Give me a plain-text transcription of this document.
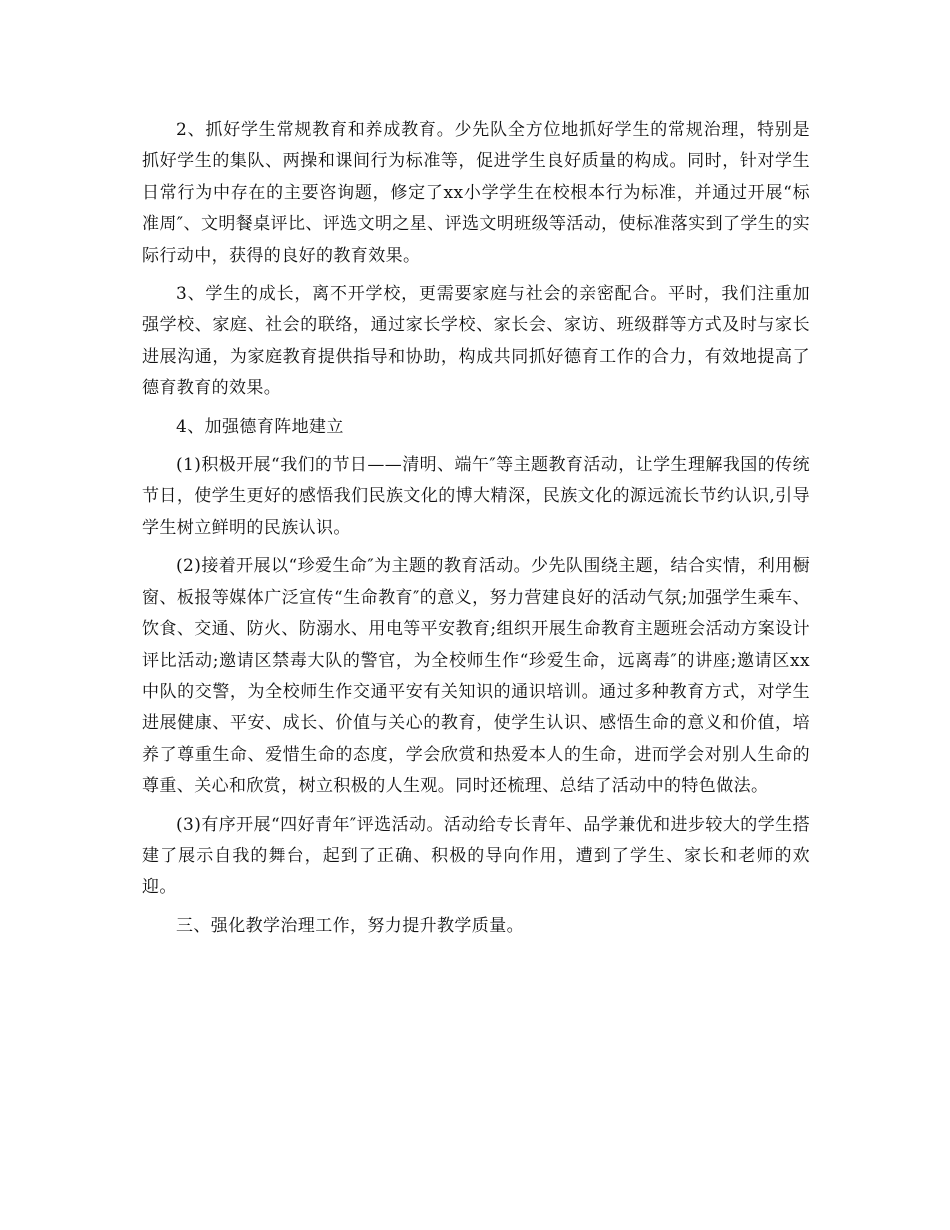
2、抓好学生常规教育和养成教育。少先队全方位地抓好学生的常规治理，特别是抓好学生的集队、两操和课间行为标准等，促进学生良好质量的构成。同时，针对学生日常行为中存在的主要咨询题，修定了xx小学学生在校根本行为标准，并通过开展“标准周″、文明餐桌评比、评选文明之星、评选文明班级等活动，使标准落实到了学生的实际行动中，获得的良好的教育效果。

3、学生的成长，离不开学校，更需要家庭与社会的亲密配合。平时，我们注重加强学校、家庭、社会的联络，通过家长学校、家长会、家访、班级群等方式及时与家长进展沟通，为家庭教育提供指导和协助，构成共同抓好德育工作的合力，有效地提高了德育教育的效果。

4、加强德育阵地建立

(1)积极开展“我们的节日——清明、端午″等主题教育活动，让学生理解我国的传统节日，使学生更好的感悟我们民族文化的博大精深，民族文化的源远流长节约认识,引导学生树立鲜明的民族认识。

(2)接着开展以“珍爱生命″为主题的教育活动。少先队围绕主题，结合实情，利用橱窗、板报等媒体广泛宣传“生命教育″的意义，努力营建良好的活动气氛;加强学生乘车、饮食、交通、防火、防溺水、用电等平安教育;组织开展生命教育主题班会活动方案设计评比活动;邀请区禁毒大队的警官，为全校师生作“珍爱生命，远离毒″的讲座;邀请区xx中队的交警，为全校师生作交通平安有关知识的通识培训。通过多种教育方式，对学生进展健康、平安、成长、价值与关心的教育，使学生认识、感悟生命的意义和价值，培养了尊重生命、爱惜生命的态度，学会欣赏和热爱本人的生命，进而学会对别人生命的尊重、关心和欣赏，树立积极的人生观。同时还梳理、总结了活动中的特色做法。

(3)有序开展“四好青年″评选活动。活动给专长青年、品学兼优和进步较大的学生搭建了展示自我的舞台，起到了正确、积极的导向作用，遭到了学生、家长和老师的欢迎。

三、强化教学治理工作，努力提升教学质量。
